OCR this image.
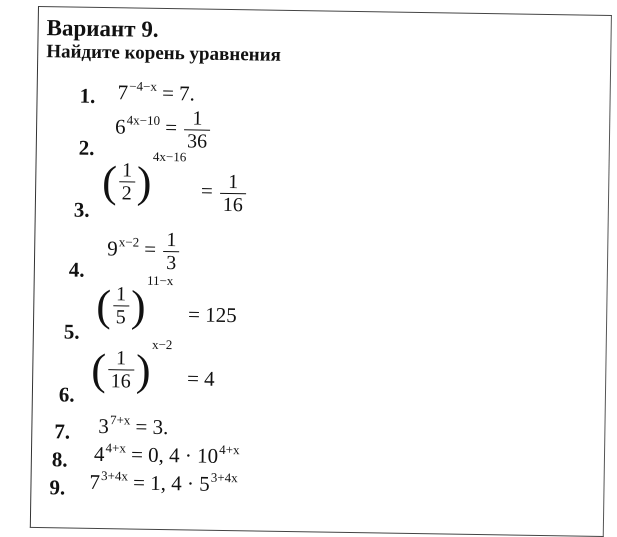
Вариант 9.
Найдите корень уравнения
1. $7^{-4-x} = 7$.
2.
$6^{4x-10} = \frac{1}{36}$
3.
( $\frac{1}{2}$ )
4x−16
= $\frac{1}{16}$
4.
$9^{x-2} = \frac{1}{3}$
5.
( $\frac{1}{5}$ )
11−x
= 125
6.
( $\frac{1}{16}$ )
x−2
= 4
7. $3^{7+x} = 3$.
8. $4^{4+x} = 0$, $4 \cdot 10^{4+x}$
9. $7^{3+4x} = 1$, $4 \cdot 5^{3+4x}$
